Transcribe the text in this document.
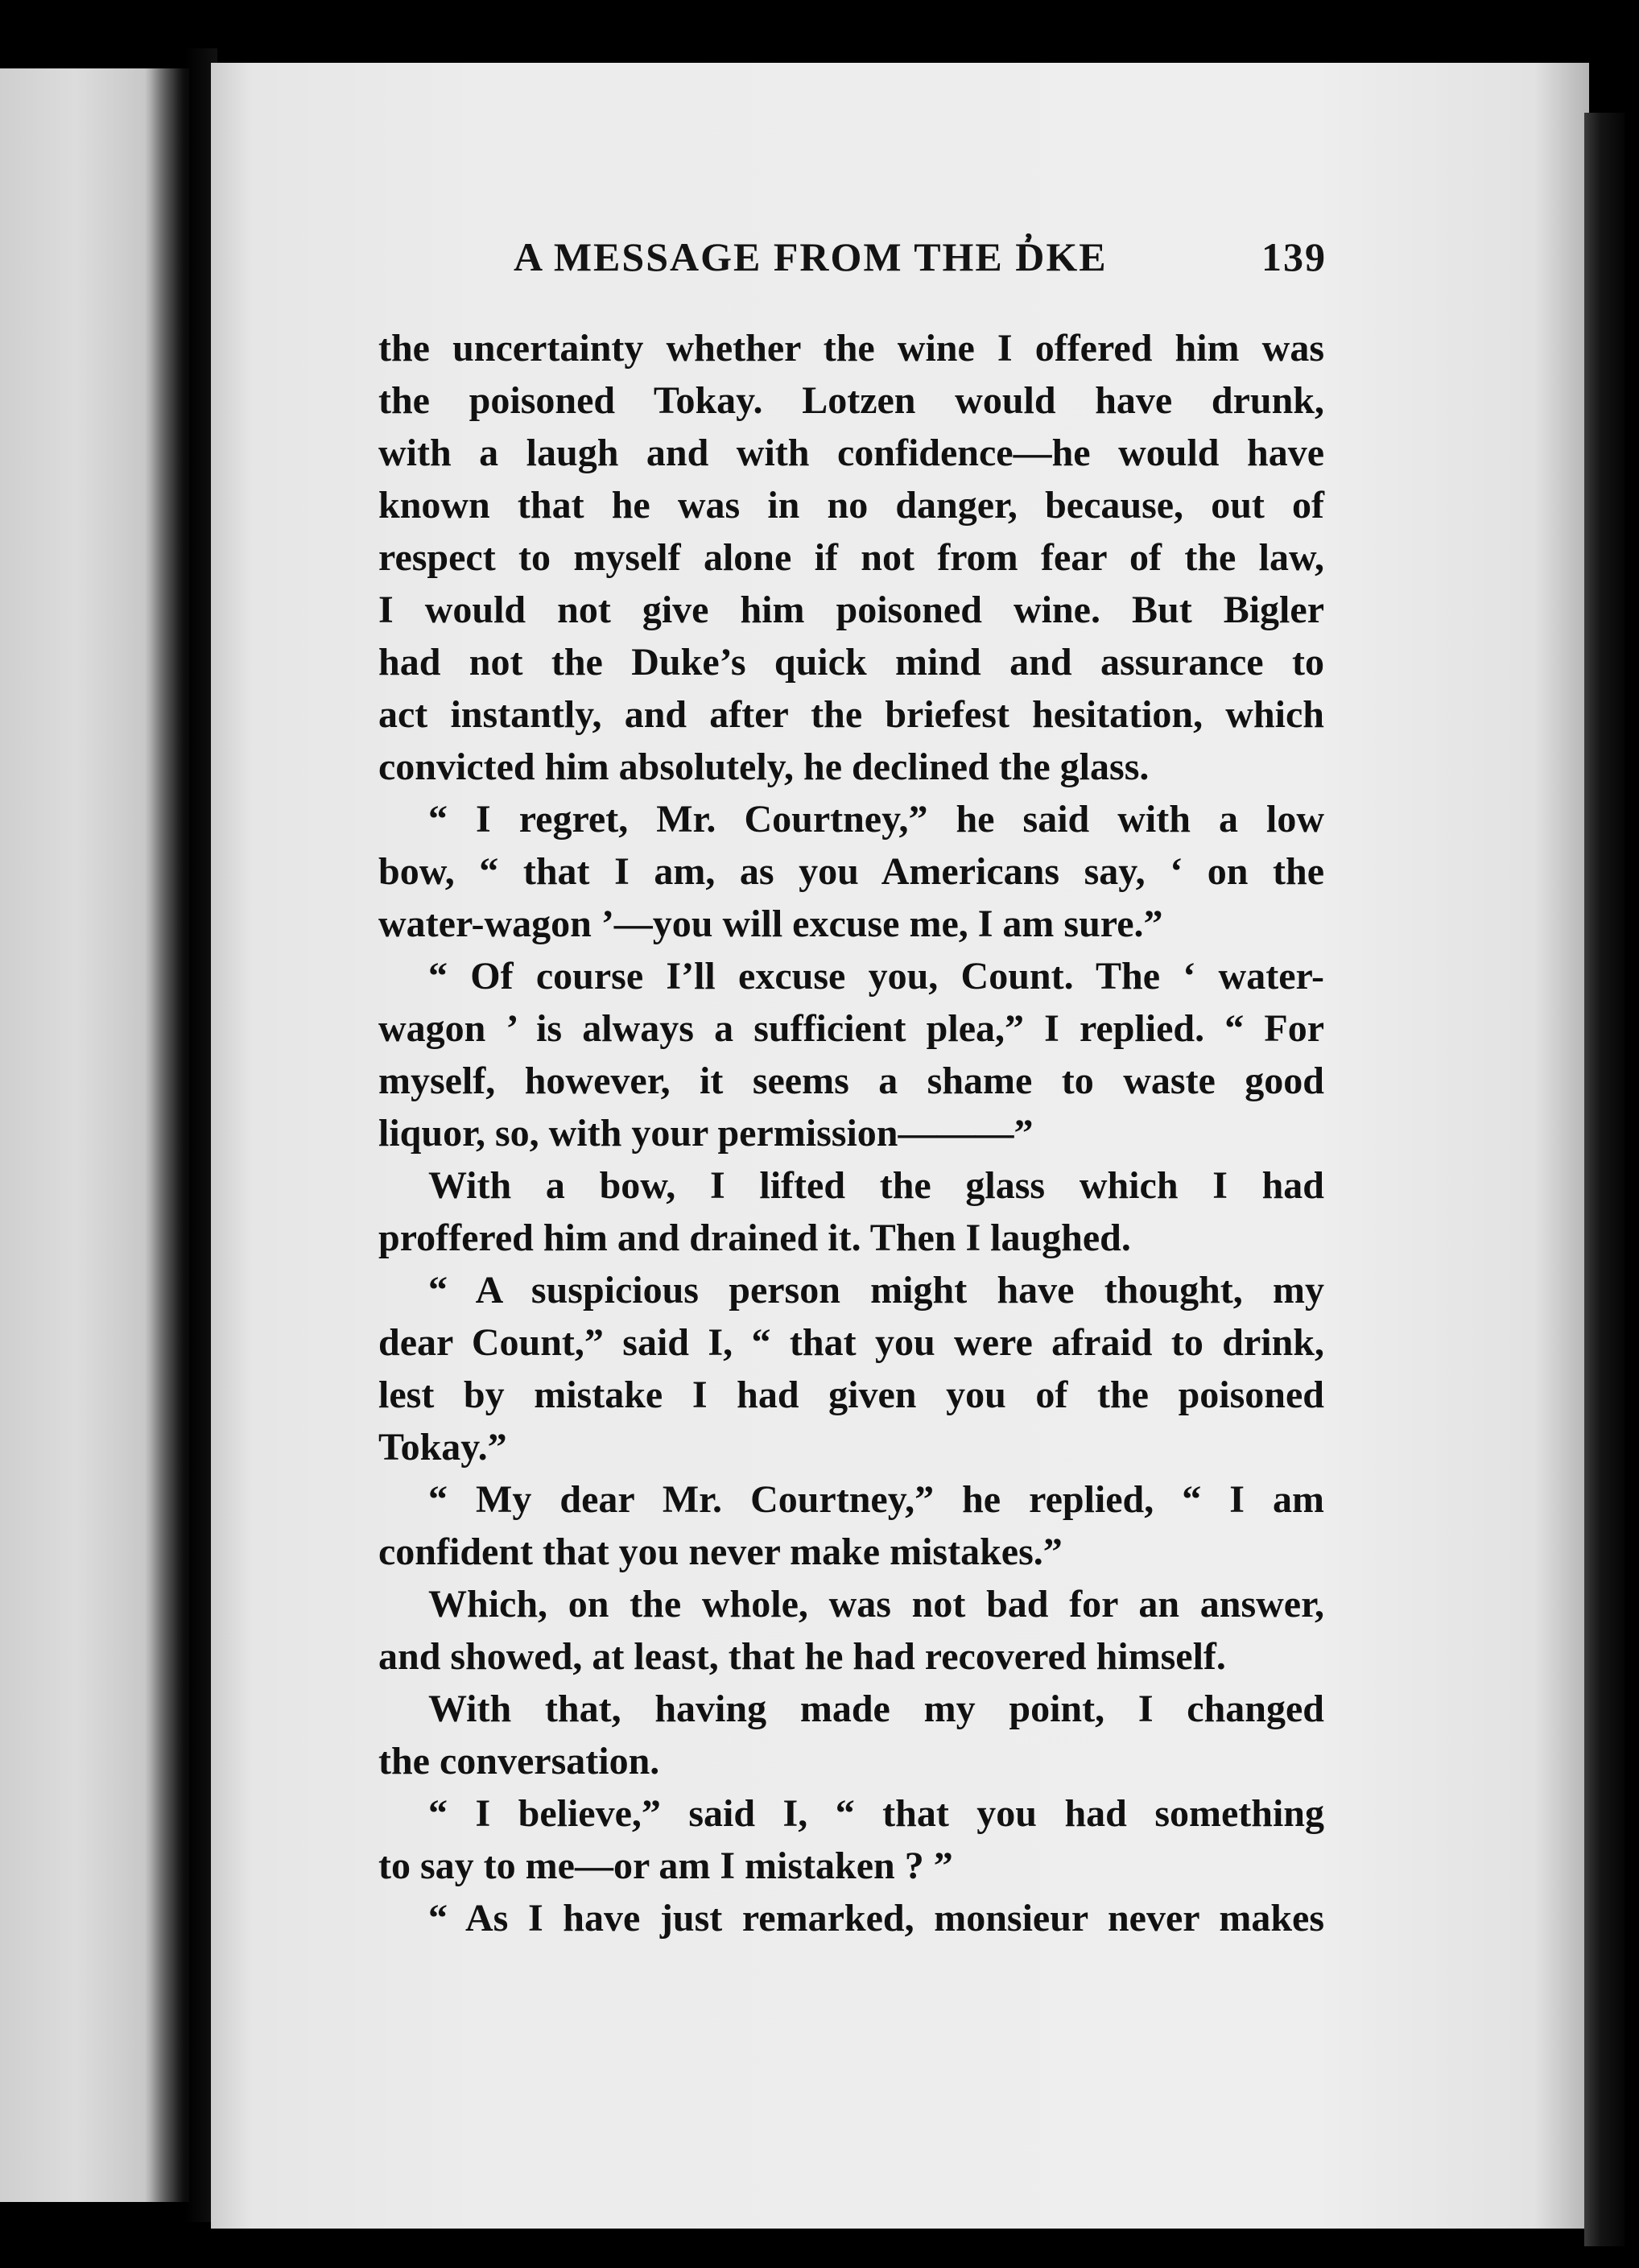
A MESSAGE FROM THE D̓̓͘KE	139
the uncertainty whether the wine I offered him was
the poisoned Tokay. Lotzen would have drunk,
with a laugh and with confidence—he would have
known that he was in no danger, because, out of
respect to myself alone if not from fear of the law,
I would not give him poisoned wine. But Bigler
had not the Duke’s quick mind and assurance to
act instantly, and after the briefest hesitation, which
convicted him absolutely, he declined the glass.
“ I regret, Mr. Courtney,” he said with a low
bow, “ that I am, as you Americans say, ‘ on the
water-wagon ’—you will excuse me, I am sure.”
“ Of course I’ll excuse you, Count. The ‘ water-
wagon ’ is always a sufficient plea,” I replied. “ For
myself, however, it seems a shame to waste good
liquor, so, with your permission———”
With a bow, I lifted the glass which I had
proffered him and drained it. Then I laughed.
“ A suspicious person might have thought, my
dear Count,” said I, “ that you were afraid to drink,
lest by mistake I had given you of the poisoned
Tokay.”
“ My dear Mr. Courtney,” he replied, “ I am
confident that you never make mistakes.”
Which, on the whole, was not bad for an answer,
and showed, at least, that he had recovered himself.
With that, having made my point, I changed
the conversation.
“ I believe,” said I, “ that you had something
to say to me—or am I mistaken ? ”
“ As I have just remarked, monsieur never makes
